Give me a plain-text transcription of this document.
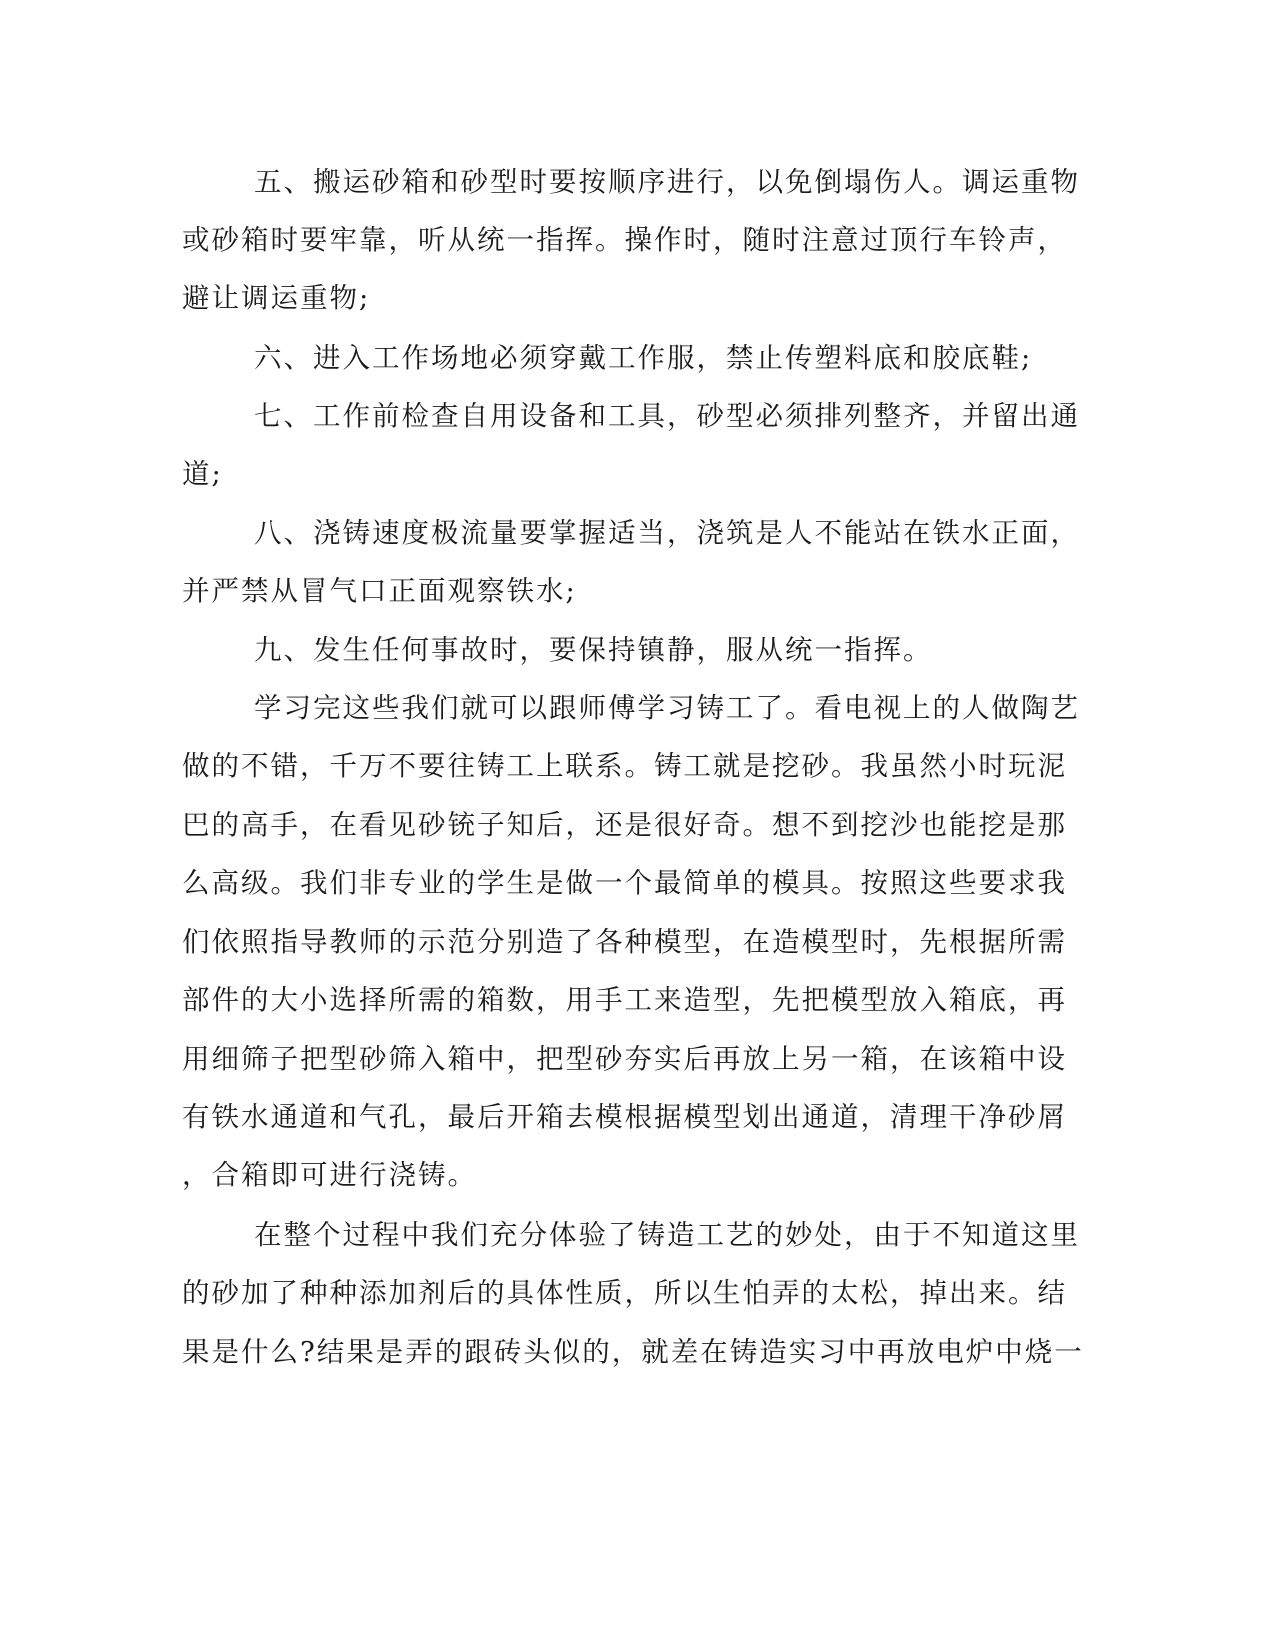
五、搬运砂箱和砂型时要按顺序进行，以免倒塌伤人。调运重物
或砂箱时要牢靠，听从统一指挥。操作时，随时注意过顶行车铃声，
避让调运重物;
六、进入工作场地必须穿戴工作服，禁止传塑料底和胶底鞋;
七、工作前检查自用设备和工具，砂型必须排列整齐，并留出通
道;
八、浇铸速度极流量要掌握适当，浇筑是人不能站在铁水正面，
并严禁从冒气口正面观察铁水;
九、发生任何事故时，要保持镇静，服从统一指挥。
学习完这些我们就可以跟师傅学习铸工了。看电视上的人做陶艺
做的不错，千万不要往铸工上联系。铸工就是挖砂。我虽然小时玩泥
巴的高手，在看见砂铳子知后，还是很好奇。想不到挖沙也能挖是那
么高级。我们非专业的学生是做一个最简单的模具。按照这些要求我
们依照指导教师的示范分别造了各种模型，在造模型时，先根据所需
部件的大小选择所需的箱数，用手工来造型，先把模型放入箱底，再
用细筛子把型砂筛入箱中，把型砂夯实后再放上另一箱，在该箱中设
有铁水通道和气孔，最后开箱去模根据模型划出通道，清理干净砂屑
，合箱即可进行浇铸。
在整个过程中我们充分体验了铸造工艺的妙处，由于不知道这里
的砂加了种种添加剂后的具体性质，所以生怕弄的太松，掉出来。结
果是什么?结果是弄的跟砖头似的，就差在铸造实习中再放电炉中烧一
